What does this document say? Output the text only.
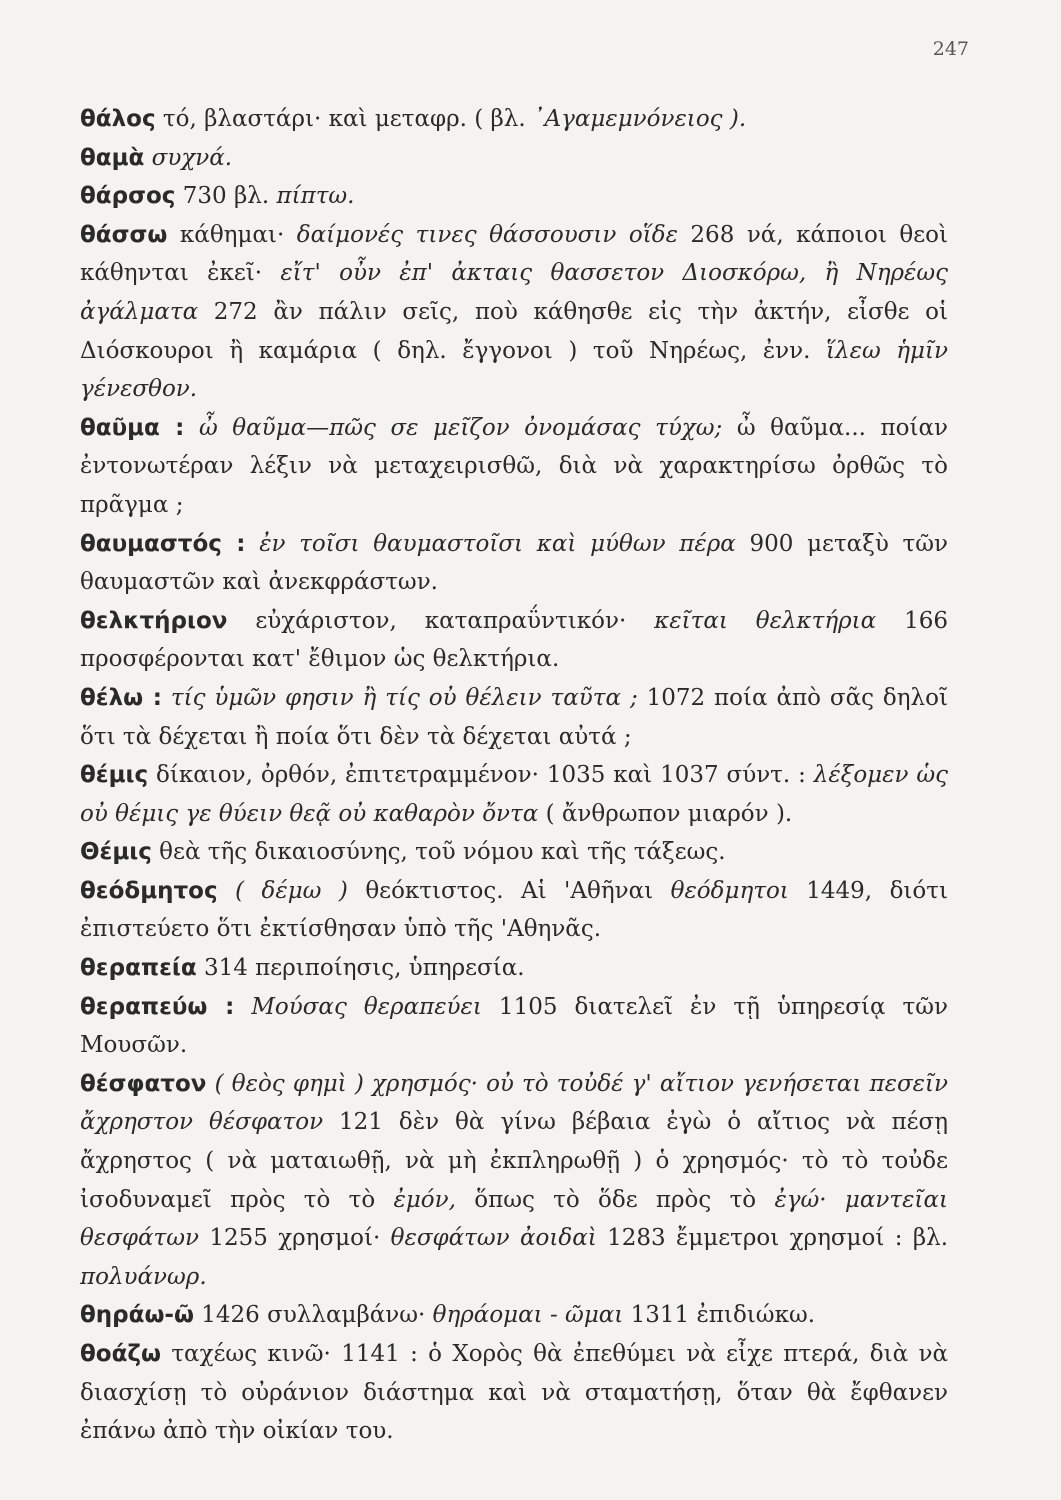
247

θάλος τό, βλαστάρι· καὶ μεταφρ. ( βλ. ᾿Αγαμεμνόνειος ).

θαμὰ συχνά.

θάρσος 730 βλ. πίπτω.

θάσσω κάθημαι· δαίμονές τινες θάσσουσιν οἵδε 268 νά, κάποιοι θεοὶ κάθηνται ἐκεῖ· εἴτ' οὖν ἐπ' ἀκταις θασσετον Διοσκόρω, ἢ Νηρέως ἀγάλματα 272 ἂν πάλιν σεῖς, ποὺ κάθησθε εἰς τὴν ἀκτήν, εἶσθε οἱ Διόσκουροι ἢ καμάρια ( δηλ. ἔγγονοι ) τοῦ Νηρέως, ἐνν. ἵλεω ἡμῖν γένεσθον.

θαῦμα : ὦ θαῦμα—πῶς σε μεῖζον ὀνομάσας τύχω; ὦ θαῦμα... ποίαν ἐντονωτέραν λέξιν νὰ μεταχειρισθῶ, διὰ νὰ χαρακτηρίσω ὀρθῶς τὸ πρᾶγμα ;

θαυμαστός : ἐν τοῖσι θαυμαστοῖσι καὶ μύθων πέρα 900 μεταξὺ τῶν θαυμαστῶν καὶ ἀνεκφράστων.

θελκτήριον εὐχάριστον, καταπραΰντικόν· κεῖται θελκτήρια 166 προσφέρονται κατ' ἔθιμον ὡς θελκτήρια.

θέλω : τίς ὑμῶν φησιν ἢ τίς οὐ θέλειν ταῦτα ; 1072 ποία ἀπὸ σᾶς δηλοῖ ὅτι τὰ δέχεται ἢ ποία ὅτι δὲν τὰ δέχεται αὐτά ;

θέμις δίκαιον, ὀρθόν, ἐπιτετραμμένον· 1035 καὶ 1037 σύντ. : λέξομεν ὡς οὐ θέμις γε θύειν θεᾷ οὐ καθαρὸν ὄντα ( ἄνθρωπον μιαρόν ).

Θέμις θεὰ τῆς δικαιοσύνης, τοῦ νόμου καὶ τῆς τάξεως.

θεόδμητος ( δέμω ) θεόκτιστος. Αἱ 'Αθῆναι θεόδμητοι 1449, διότι ἐπιστεύετο ὅτι ἐκτίσθησαν ὑπὸ τῆς 'Αθηνᾶς.

θεραπεία 314 περιποίησις, ὑπηρεσία.

θεραπεύω : Μούσας θεραπεύει 1105 διατελεῖ ἐν τῇ ὑπηρεσίᾳ τῶν Μουσῶν.

θέσφατον ( θεὸς φημὶ ) χρησμός· οὐ τὸ τοὐδέ γ' αἴτιον γενήσεται πεσεῖν ἄχρηστον θέσφατον 121 δὲν θὰ γίνω βέβαια ἐγὼ ὁ αἴτιος νὰ πέσῃ ἄχρηστος ( νὰ ματαιωθῇ, νὰ μὴ ἐκπληρωθῇ ) ὁ χρησμός· τὸ τὸ τοὐδε ἰσοδυναμεῖ πρὸς τὸ τὸ ἐμόν, ὅπως τὸ ὅδε πρὸς τὸ ἐγώ· μαντεῖαι θεσφάτων 1255 χρησμοί· θεσφάτων ἀοιδαὶ 1283 ἔμμετροι χρησμοί : βλ. πολυάνωρ.

θηράω-ῶ 1426 συλλαμβάνω· θηράομαι - ῶμαι 1311 ἐπιδιώκω.

θοάζω ταχέως κινῶ· 1141 : ὁ Χορὸς θὰ ἐπεθύμει νὰ εἶχε πτερά, διὰ νὰ διασχίσῃ τὸ οὐράνιον διάστημα καὶ νὰ σταματήσῃ, ὅταν θὰ ἔφθανεν ἐπάνω ἀπὸ τὴν οἰκίαν του.
